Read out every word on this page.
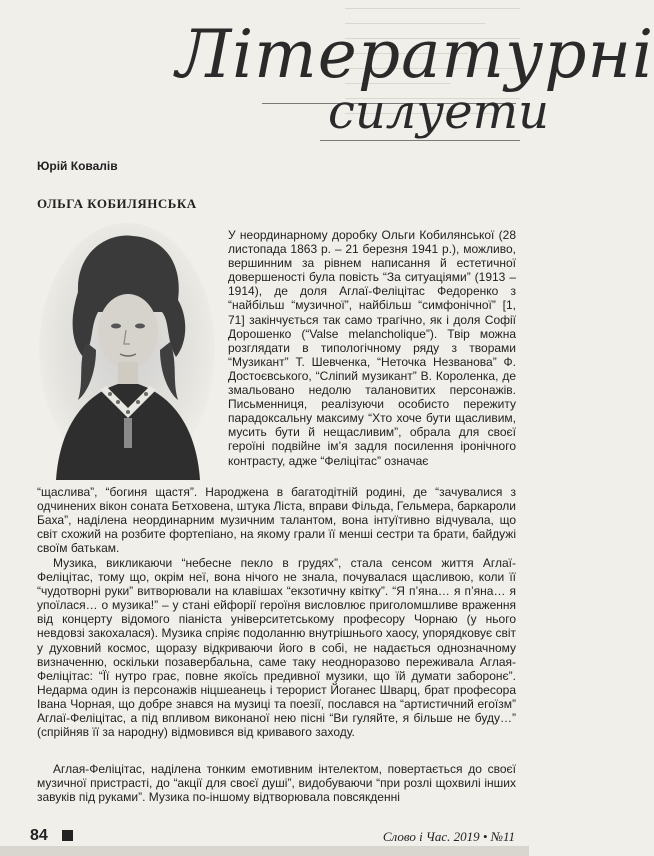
Літературні
силуети
Юрій Ковалів
ОЛЬГА КОБИЛЯНСЬКА

У неординарному доробку Ольги Кобилянської (28 листопада 1863 р. – 21 березня 1941 р.), можливо, вершинним за рівнем написання й естетичної довершеності була повість “За ситуаціями” (1913 – 1914), де доля Аглаї-Феліцітас Федоренко з “найбільш “музичної”, найбільш “симфонічної” [1, 71] закінчується так само трагічно, як і доля Софії Дорошенко (“Valse melancholique”). Твір можна розглядати в типологічному ряду з творами “Музикант” Т. Шевченка, “Неточка Незванова” Ф. Достоєвського, “Сліпий музикант” В. Короленка, де змальовано недолю талановитих персонажів. Письменниця, реалізуючи особисто пережиту парадоксальну максиму “Хто хоче бути щасливим, мусить бути й нещасливим”, обрала для своєї героїні подвійне ім’я задля посилення іронічного контрасту, адже “Феліцітас” означає

“щаслива”, “богиня щастя”. Народжена в багатодітній родині, де “зачувалися з одчинених вікон соната Бетховена, штука Ліста, вправи Фільда, Гельмера, баркароли Баха”, наділена неординарним музичним талантом, вона інтуїтивно відчувала, що світ схожий на розбите фортепіано, на якому грали її менші сестри та брати, байдужі своїм батькам.

Музика, викликаючи “небесне пекло в грудях”, стала сенсом життя Аглаї-Феліцітас, тому що, окрім неї, вона нічого не знала, почувалася щасливою, коли її “чудотворні руки” витворювали на клавішах “екзотичну квітку”. “Я п’яна… я п’яна… я упоїлася… о музика!” – у стані ейфорії героїня висловлює приголомшливе враження від концерту відомого піаніста університетському професору Чорнаю (у нього невдовзі закохалася). Музика спріяє подоланню внутрішнього хаосу, упорядковує світ у духовний космос, щоразу відкриваючи його в собі, не надається однозначному визначенню, оскільки позавербальна, саме таку неоднорaзово переживала Аглая-Феліцітас: “Її нутро грає, повне якоїсь предивної музики, що їй думати заборонє”. Недарма один із персонажів ніцшеанець і терорист Йоганес Шварц, брат професора Івана Чорная, що добре знався на музиці та поезії, послався на “артистичний егоїзм” Аглаї-Феліцітас, а під впливом виконаної нею пісні “Ви гуляйте, я більше не буду…” (спрійняв її за народну) відмовився від кривавого заходу.

Аглая-Феліцітас, наділена тонким емотивним інтелектом, повертається до своєї музичної пристрасті, до “акції для своєї душі”, видобуваючи “при розлі щохвилі інших завуків під руками”. Музика по-іншому відтворювала повсякденні

84	Слово і Час. 2019 • №11
